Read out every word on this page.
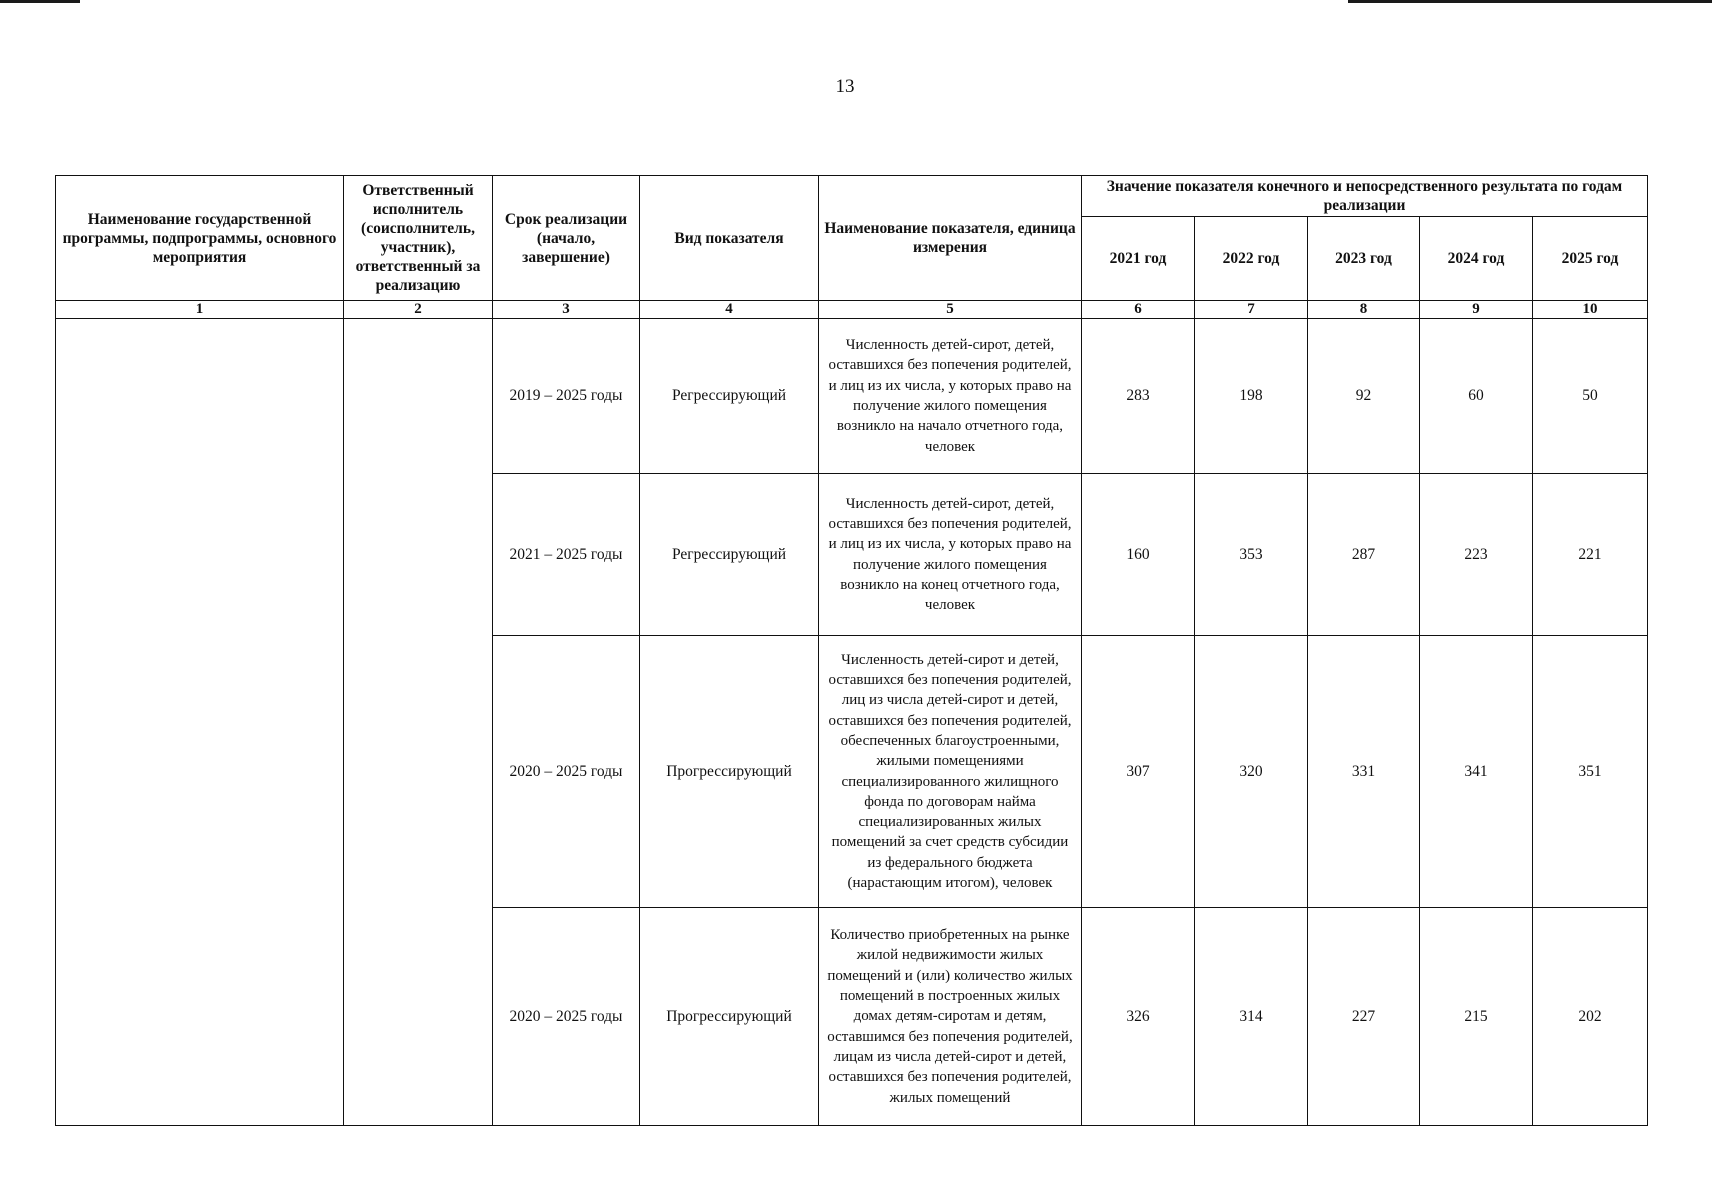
13
Наименование государственной программы, подпрограммы, основного мероприятия	Ответственный исполнитель (соисполнитель, участник), ответственный за реализацию	Срок реализации (начало, завершение)	Вид показателя	Наименование показателя, единица измерения	Значение показателя конечного и непосредственного результата по годам реализации				
					2021 год	2022 год	2023 год	2024 год	2025 год
1	2	3	4	5	6	7	8	9	10
		2019 – 2025 годы	Регрессирующий	Численность детей-сирот, детей, оставшихся без попечения родителей, и лиц из их числа, у которых право на получение жилого помещения возникло на начало отчетного года, человек	283	198	92	60	50
		2021 – 2025 годы	Регрессирующий	Численность детей-сирот, детей, оставшихся без попечения родителей, и лиц из их числа, у которых право на получение жилого помещения возникло на конец отчетного года, человек	160	353	287	223	221
		2020 – 2025 годы	Прогрессирующий	Численность детей-сирот и детей, оставшихся без попечения родителей, лиц из числа детей-сирот и детей, оставшихся без попечения родителей, обеспеченных благоустроенными, жилыми помещениями специализированного жилищного фонда по договорам найма специализированных жилых помещений за счет средств субсидии из федерального бюджета (нарастающим итогом), человек	307	320	331	341	351
		2020 – 2025 годы	Прогрессирующий	Количество приобретенных на рынке жилой недвижимости жилых помещений и (или) количество жилых помещений в построенных жилых домах детям-сиротам и детям, оставшимся без попечения родителей, лицам из числа детей-сирот и детей, оставшихся без попечения родителей, жилых помещений	326	314	227	215	202
